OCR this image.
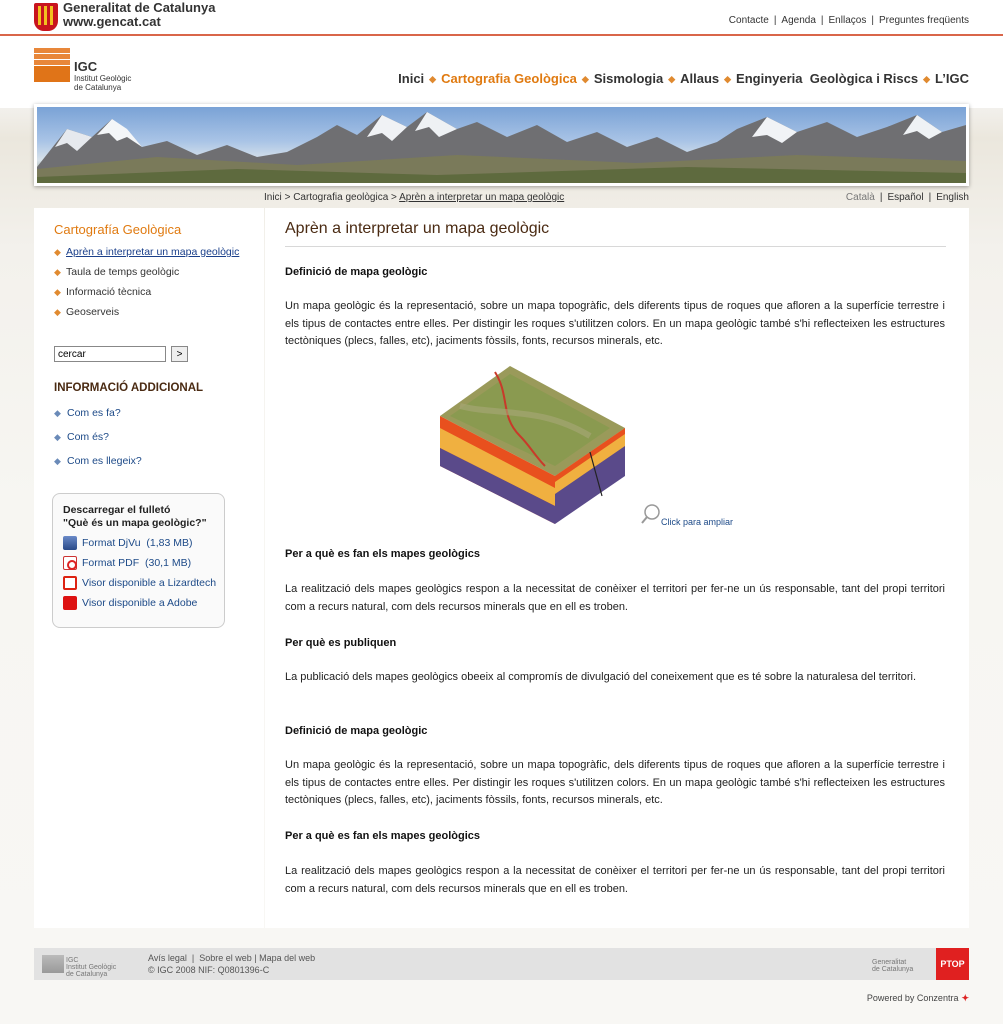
Generalitat de Catalunya
www.gencat.cat	Contacte | Agenda | Enllaços | Preguntes freqüents
IGC
Institut Geològic
de Catalunya
Inici ◆ Cartografia Geològica ◆ Sismologia ◆ Allaus ◆ Enginyeria  Geològica i Riscs ◆ L’IGC
Inici > Cartografia geològica > Aprèn a interpretar un mapa geològic	Català | Español | English
Cartografía Geològica
◆ Aprèn a interpretar un mapa geològic
◆ Taula de temps geològic
◆ Informació tècnica
◆ Geoserveis
cercar
>
INFORMACIÓ ADDICIONAL
◆ Com es fa?
◆ Com és?
◆ Com es llegeix?
Descarregar el fulletó
"Què és un mapa geològic?"
Format DjVu  (1,83 MB)
Format PDF  (30,1 MB)
Visor disponible a Lizardtech
Visor disponible a Adobe
Aprèn a interpretar un mapa geològic
Definició de mapa geològic
Un mapa geològic és la representació, sobre un mapa topogràfic, dels diferents tipus de roques que afloren a la superfície terrestre i els tipus de contactes entre elles. Per distingir les roques s'utilitzen colors. En un mapa geològic també s'hi reflecteixen les estructures tectòniques (plecs, falles, etc), jaciments fòssils, fonts, recursos minerals, etc.
Click para ampliar
Per a què es fan els mapes geològics
La realització dels mapes geològics respon a la necessitat de conèixer el territori per fer-ne un ús responsable, tant del propi territori com a recurs natural, com dels recursos minerals que en ell es troben.
Per què es publiquen
La publicació dels mapes geològics obeeix al compromís de divulgació del coneixement que es té sobre la naturalesa del territori.
Definició de mapa geològic
Un mapa geològic és la representació, sobre un mapa topogràfic, dels diferents tipus de roques que afloren a la superfície terrestre i els tipus de contactes entre elles. Per distingir les roques s'utilitzen colors. En un mapa geològic també s'hi reflecteixen les estructures tectòniques (plecs, falles, etc), jaciments fòssils, fonts, recursos minerals, etc.
Per a què es fan els mapes geològics
La realització dels mapes geològics respon a la necessitat de conèixer el territori per fer-ne un ús responsable, tant del propi territori com a recurs natural, com dels recursos minerals que en ell es troben.
IGC
Institut Geològic
de Catalunya
Avís legal  |  Sobre el web | Mapa del web
© IGC 2008 NIF: Q0801396-C
Generalitat
de Catalunya
PTOP
Powered by Conzentra ✦
